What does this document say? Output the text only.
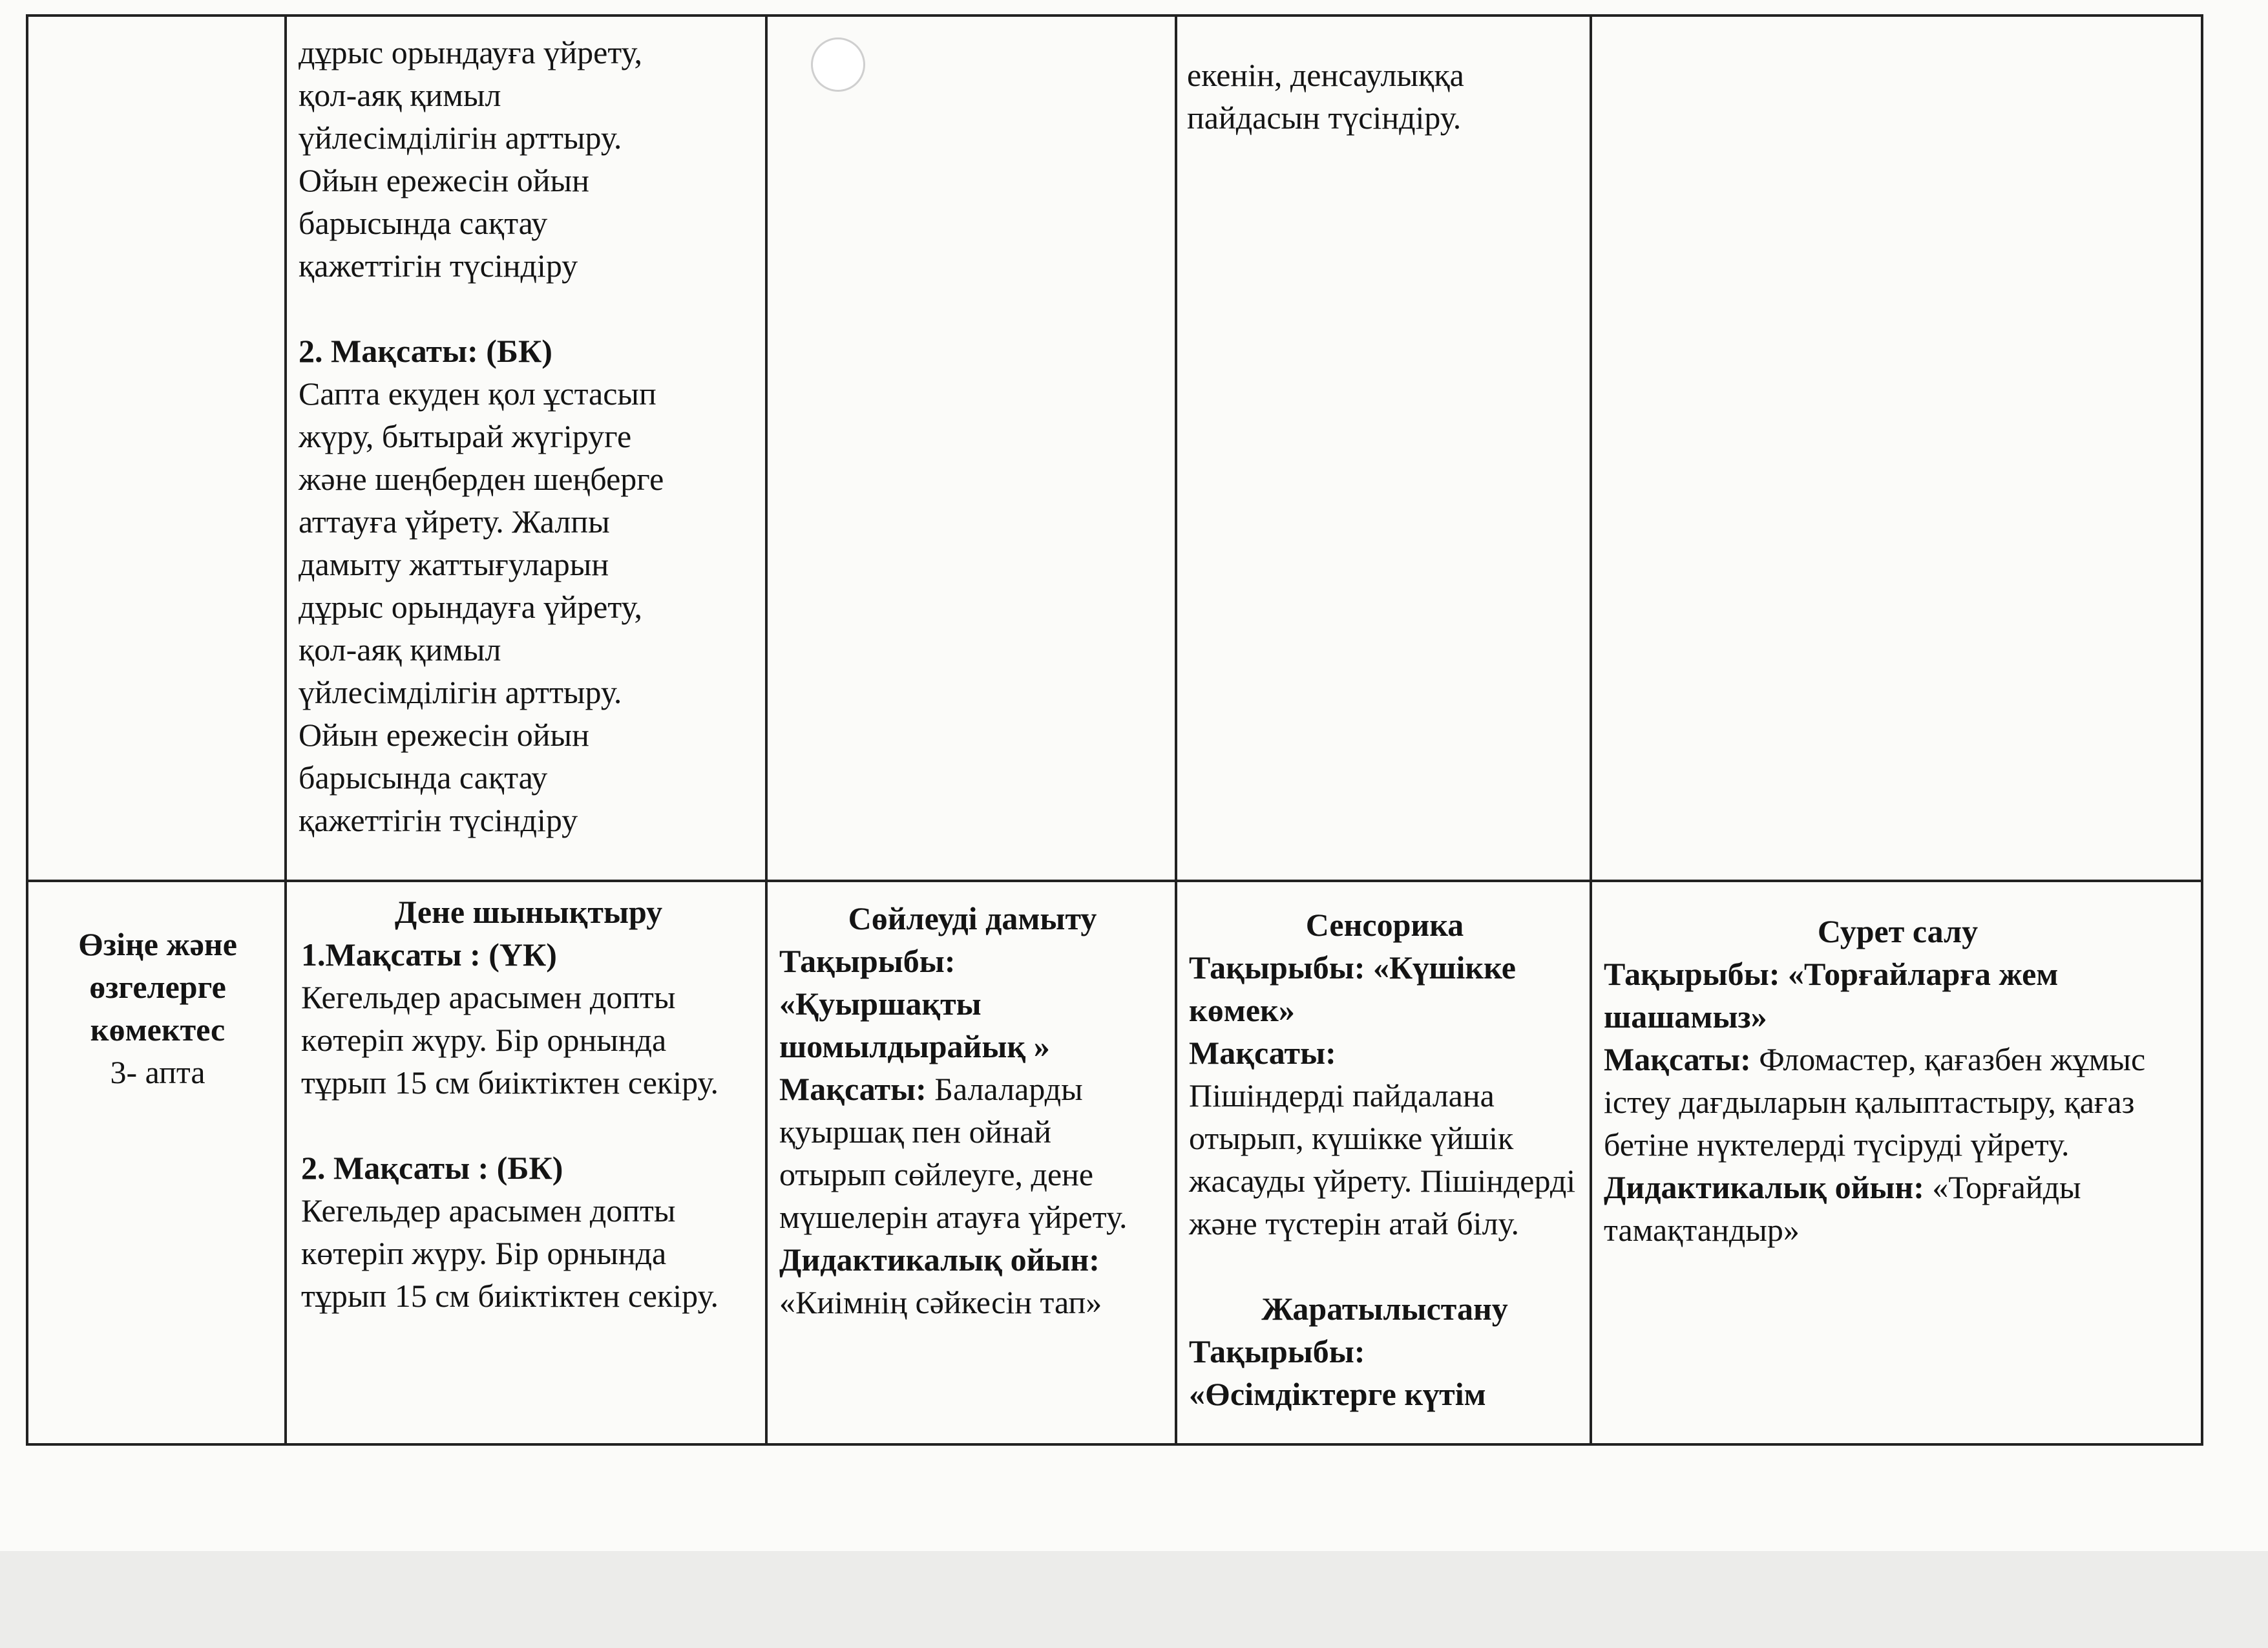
дұрыс орындауға үйрету,

қол-аяқ қимыл

үйлесімділігін арттыру.

Ойын ережесін ойын

барысында сақтау

қажеттігін түсіндіру

2. Мақсаты: (БК)

Сапта екуден қол ұстасып

жүру, бытырай жүгіруге

және шеңберден шеңберге

аттауға үйрету. Жалпы

дамыту жаттығуларын

дұрыс орындауға үйрету,

қол-аяқ қимыл

үйлесімділігін арттыру.

Ойын ережесін ойын

барысында сақтау

қажеттігін түсіндіру

екенін, денсаулыққа

пайдасын түсіндіру.

Өзіңе және

өзгелерге

көмектес

3- апта

Дене шынықтыру

1.Мақсаты : (ҮК)

Кегельдер арасымен допты көтеріп жүру. Бір орнында тұрып 15 см биіктіктен секіру.

2. Мақсаты : (БК)

Кегельдер арасымен допты көтеріп жүру. Бір орнында тұрып 15 см биіктіктен секіру.

Сөйлеуді дамыту

Тақырыбы:

«Қуыршақты шомылдырайық »

Мақсаты: Балаларды қуыршақ пен ойнай отырып сөйлеуге, дене мүшелерін атауға үйрету.

Дидактикалық ойын: «Киімнің сәйкесін тап»

Сенсорика

Тақырыбы: «Күшікке көмек»

Мақсаты:

Пішіндерді пайдалана отырып, күшікке үйшік жасауды үйрету. Пішіндерді және түстерін атай білу.

Жаратылыстану

Тақырыбы:

«Өсімдіктерге күтім

Сурет салу

Тақырыбы: «Торғайларға жем шашамыз»

Мақсаты: Фломастер, қағазбен жұмыс істеу дағдыларын қалыптастыру, қағаз бетіне нүктелерді түсіруді үйрету.

Дидактикалық ойын: «Торғайды тамақтандыр»
